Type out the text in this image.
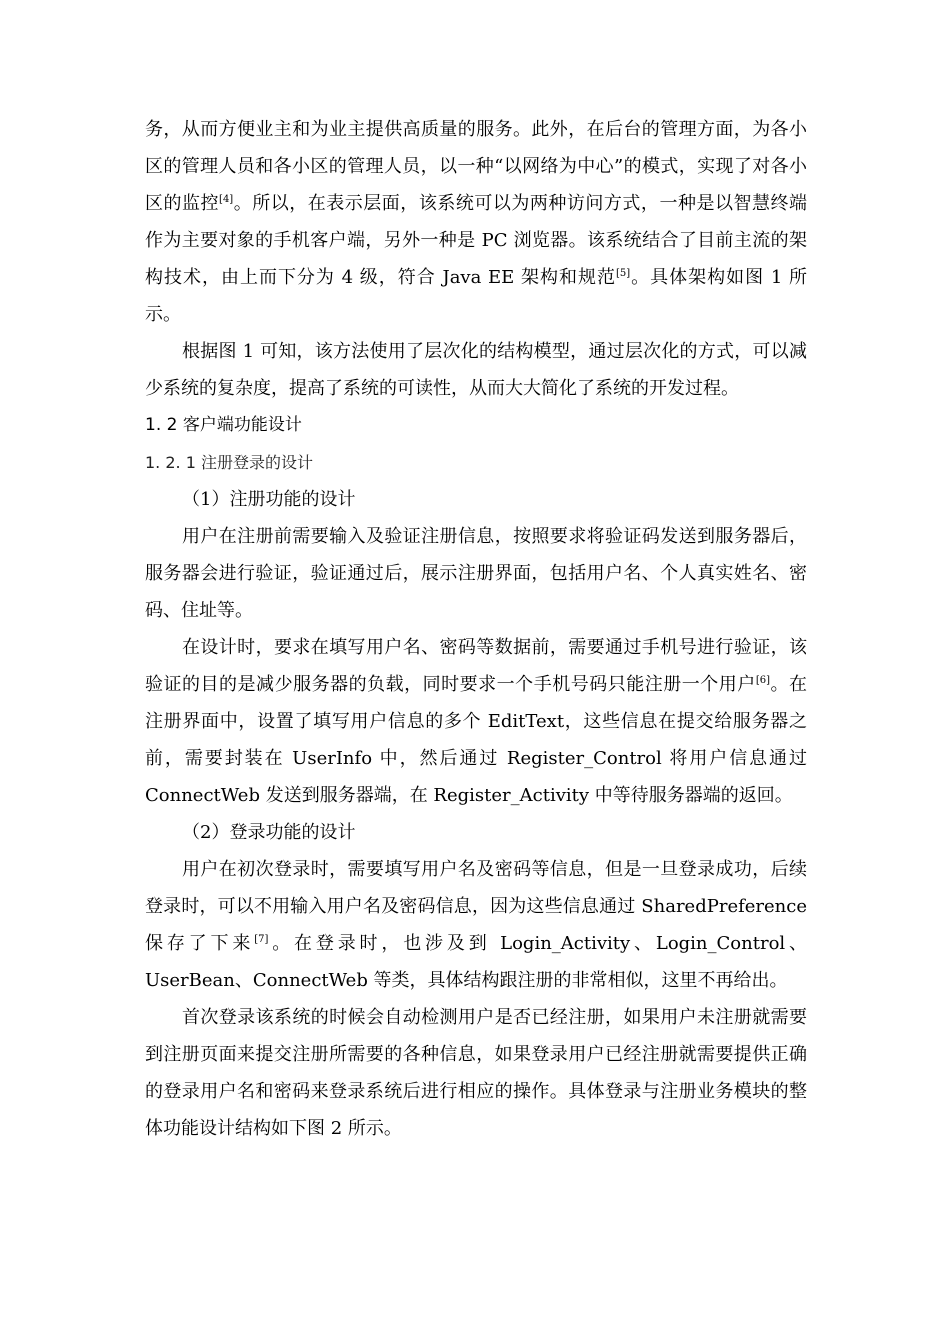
务，从而方便业主和为业主提供高质量的服务。此外，在后台的管理方面，为各小区的管理人员和各小区的管理人员，以一种“以网络为中心”的模式，实现了对各小区的监控[4]。所以，在表示层面，该系统可以为两种访问方式，一种是以智慧终端作为主要对象的手机客户端，另外一种是 PC 浏览器。该系统结合了目前主流的架构技术，由上而下分为 4 级，符合 Java EE 架构和规范[5]。具体架构如图 1 所示。

根据图 1 可知，该方法使用了层次化的结构模型，通过层次化的方式，可以减少系统的复杂度，提高了系统的可读性，从而大大简化了系统的开发过程。

1. 2 客户端功能设计
1. 2. 1 注册登录的设计
（1）注册功能的设计

用户在注册前需要输入及验证注册信息，按照要求将验证码发送到服务器后，服务器会进行验证，验证通过后，展示注册界面，包括用户名、个人真实姓名、密码、住址等。

在设计时，要求在填写用户名、密码等数据前，需要通过手机号进行验证，该验证的目的是减少服务器的负载，同时要求一个手机号码只能注册一个用户[6]。在注册界面中，设置了填写用户信息的多个 EditText，这些信息在提交给服务器之前，需要封装在 UserInfo 中，然后通过 Register_Control 将用户信息通过 ConnectWeb 发送到服务器端，在 Register_Activity 中等待服务器端的返回。

（2）登录功能的设计

用户在初次登录时，需要填写用户名及密码等信息，但是一旦登录成功，后续登录时，可以不用输入用户名及密码信息，因为这些信息通过 SharedPreference 保存了下来[7]。在登录时，也涉及到 Login_Activity、Login_Control、UserBean、ConnectWeb 等类，具体结构跟注册的非常相似，这里不再给出。

首次登录该系统的时候会自动检测用户是否已经注册，如果用户未注册就需要到注册页面来提交注册所需要的各种信息，如果登录用户已经注册就需要提供正确的登录用户名和密码来登录系统后进行相应的操作。具体登录与注册业务模块的整体功能设计结构如下图 2 所示。
